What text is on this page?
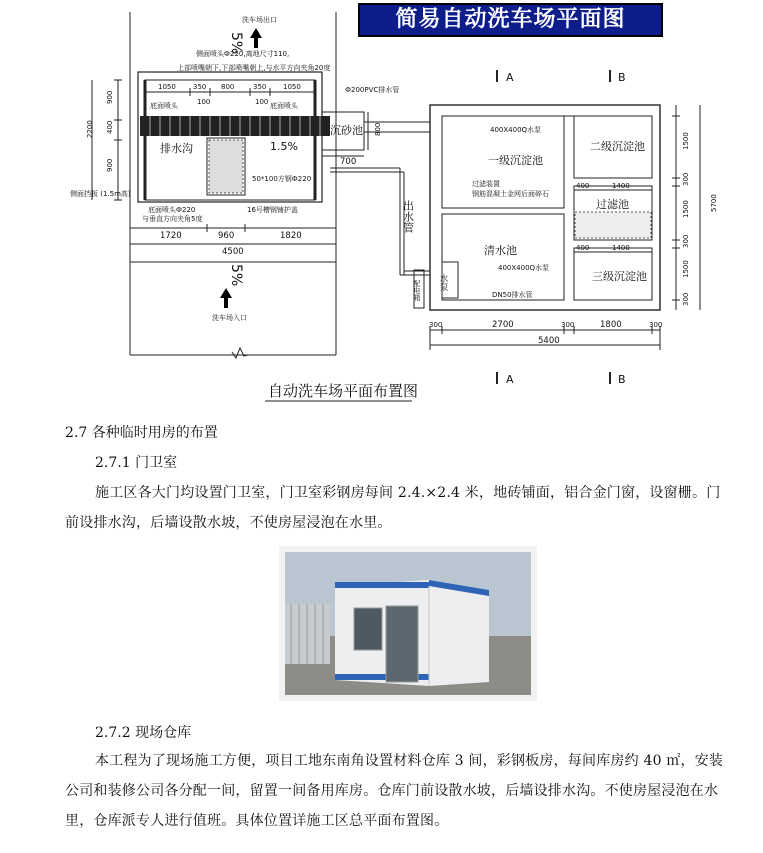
简易自动洗车场平面图
洗车场出口
5%
侧面喷头Ф220,离地尺寸110,
上部喷嘴朝下,下部喷嘴朝上,与水平方向夹角20度
1050 350 800	350 1050
100	100
底面喷头	底面喷头
2200
900
400
900
排水沟	1.5%
50*100方钢Ф220
侧面挡板 (1.5m高)
底面喷头Ф220
与垂直方向夹角5度
16号槽钢铺护盖
1720	960	1820
4500
5%
洗车场入口
Ф200PVC排水管
沉砂池 800
700
出水管
配电箱
A	B
A	B
400X400Q水泵
一级沉淀池
二级沉淀池
400	1400
过滤装置
钢筋混凝土金网后面碎石
过滤池
清水池
400X400Q水泵
400	1400
三级沉淀池
水泵
DN50排水管
5700
1500
300
1500
300
1500
300
300	2700	300	1800	300
5400
自动洗车场平面布置图
2.7 各种临时用房的布置
2.7.1 门卫室
施工区各大门均设置门卫室，门卫室彩钢房每间 2.4.×2.4 米，地砖铺面，铝合金门窗，设窗栅。门前设排水沟，后墙设散水坡，不使房屋浸泡在水里。
2.7.2 现场仓库
本工程为了现场施工方便，项目工地东南角设置材料仓库 3 间，彩钢板房，每间库房约 40 ㎡，安装公司和装修公司各分配一间，留置一间备用库房。仓库门前设散水坡，后墙设排水沟。不使房屋浸泡在水里，仓库派专人进行值班。具体位置详施工区总平面布置图。
